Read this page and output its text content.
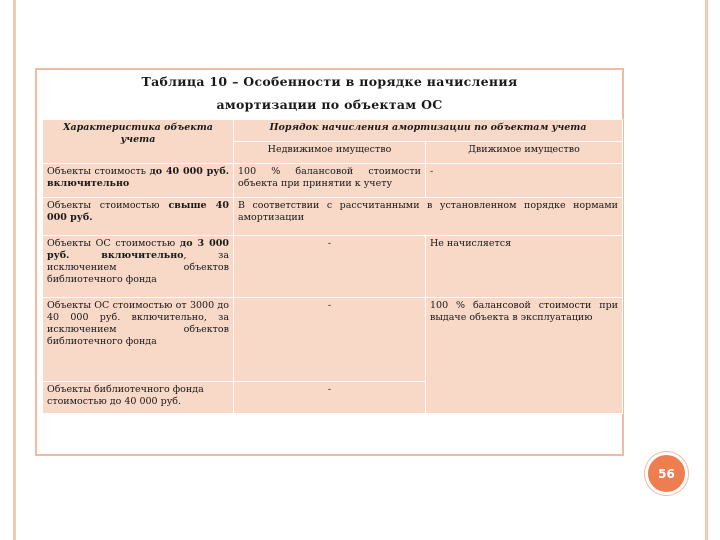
Таблица 10 – Особенности в порядке начисления
амортизации по объектам ОС
Характеристика объекта учета	Порядок начисления амортизации по объектам учета	
	Недвижимое имущество	Движимое имущество
Объекты стоимость до 40 000 руб. включительно	100 % балансовой стоимости объекта при принятии к учету	-
Объекты стоимостью свыше 40 000 руб.	В соответствии с рассчитанными в установленном порядке нормами амортизации	
Объекты ОС стоимостью до 3 000 руб. включительно, за исключением объектов библиотечного фонда	-	Не начисляется
Объекты ОС стоимостью от 3000 до 40 000 руб. включительно, за исключением объектов библиотечного фонда	-	100 % балансовой стоимости при выдаче объекта в эксплуатацию
Объекты библиотечного фонда стоимостью до 40 000 руб.	-	
56
